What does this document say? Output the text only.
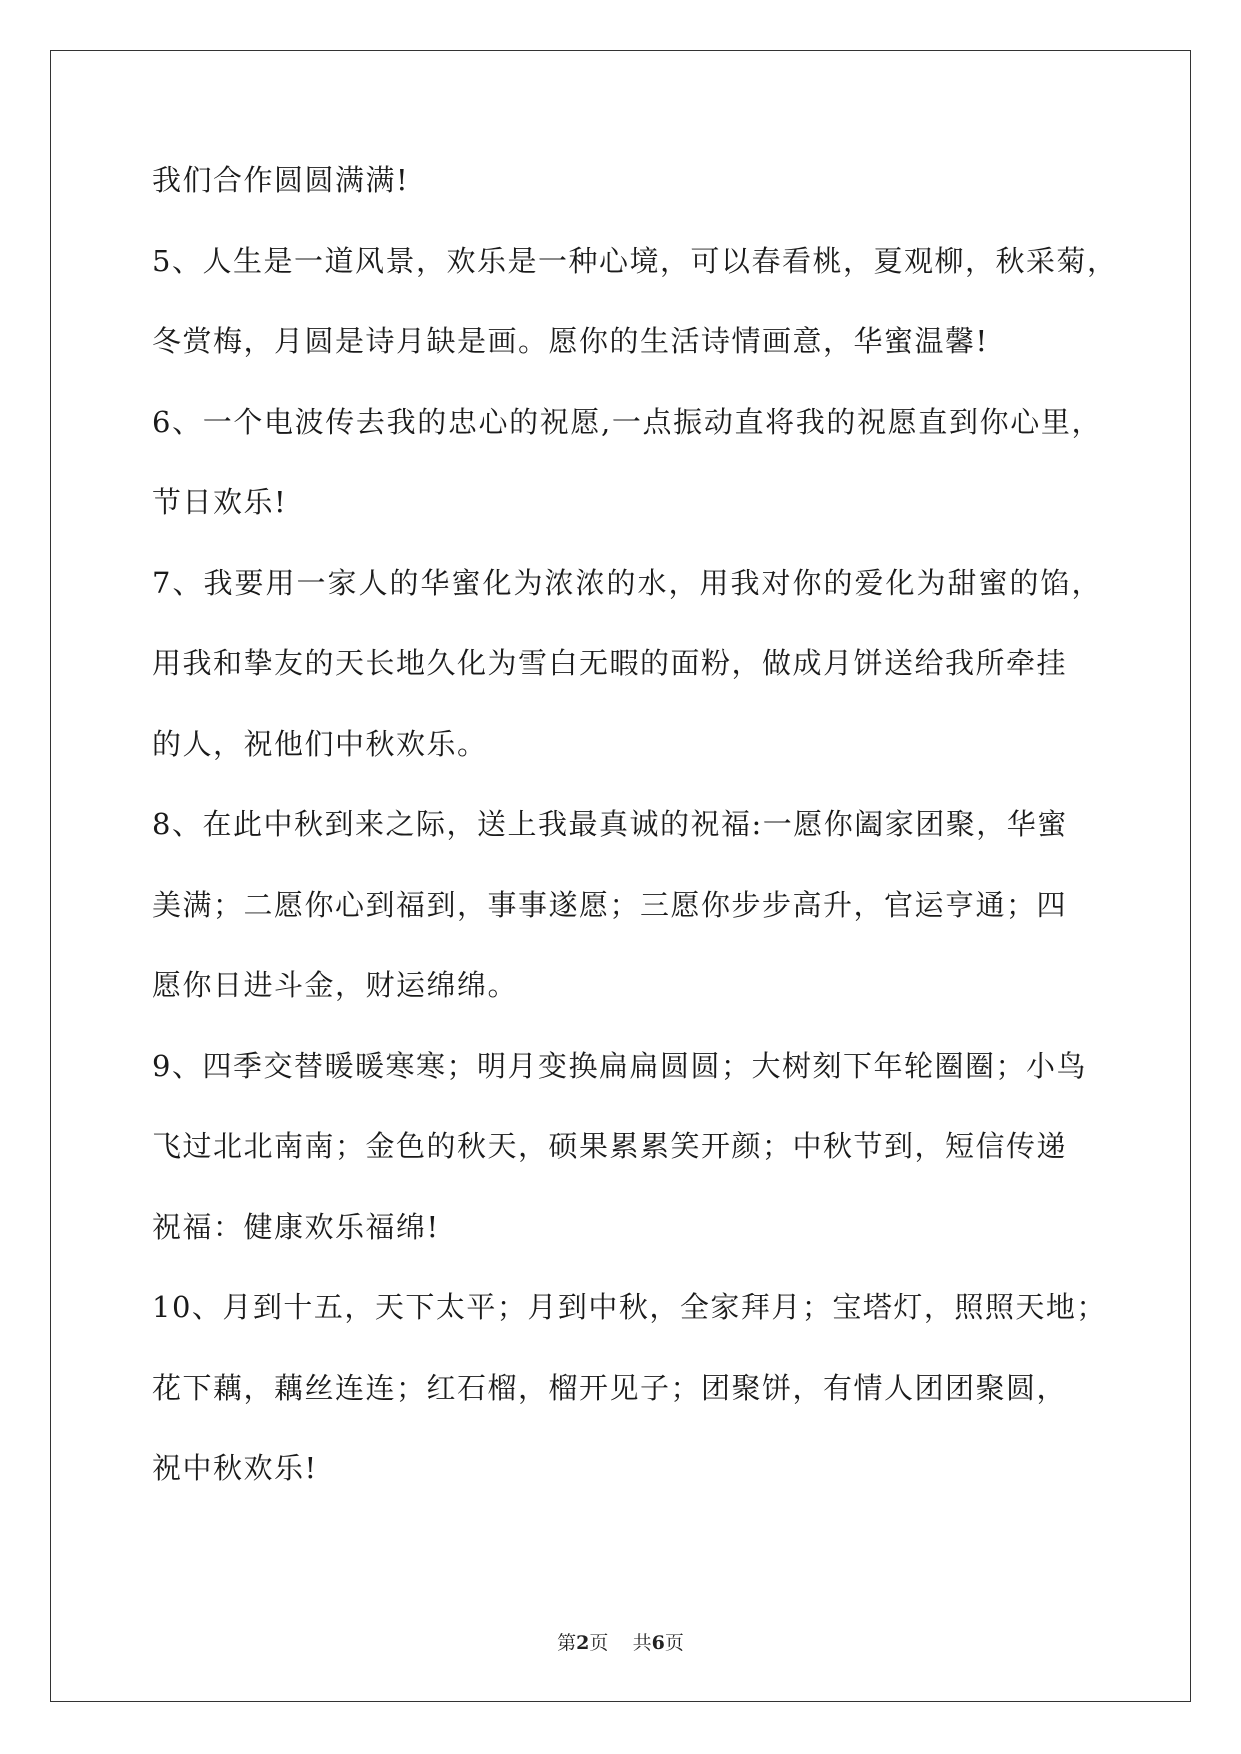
我们合作圆圆满满!
5、人生是一道风景，欢乐是一种心境，可以春看桃，夏观柳，秋采菊，
冬赏梅，月圆是诗月缺是画。愿你的生活诗情画意，华蜜温馨!
6、一个电波传去我的忠心的祝愿,一点振动直将我的祝愿直到你心里，
节日欢乐!
7、我要用一家人的华蜜化为浓浓的水，用我对你的爱化为甜蜜的馅，
用我和挚友的天长地久化为雪白无暇的面粉，做成月饼送给我所牵挂
的人，祝他们中秋欢乐。
8、在此中秋到来之际，送上我最真诚的祝福:一愿你阖家团聚，华蜜
美满；二愿你心到福到，事事遂愿；三愿你步步高升，官运亨通；四
愿你日进斗金，财运绵绵。
9、四季交替暖暖寒寒；明月变换扁扁圆圆；大树刻下年轮圈圈；小鸟
飞过北北南南；金色的秋天，硕果累累笑开颜；中秋节到，短信传递
祝福：健康欢乐福绵!
10、月到十五，天下太平；月到中秋，全家拜月；宝塔灯，照照天地；
花下藕，藕丝连连；红石榴，榴开见子；团聚饼，有情人团团聚圆，
祝中秋欢乐!
第2页 共6页
